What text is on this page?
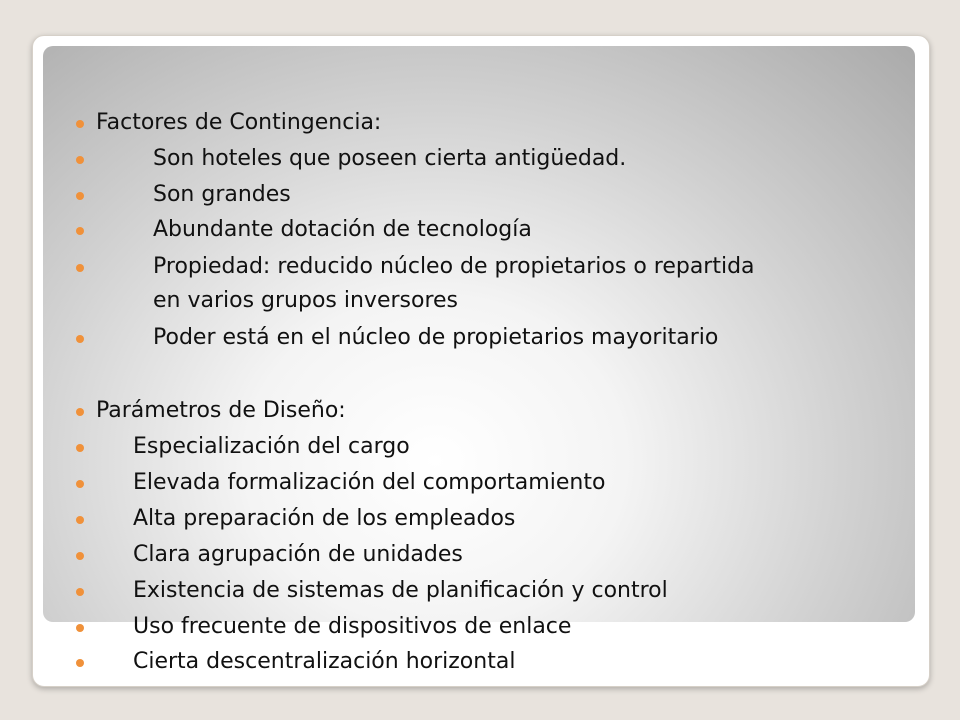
Factores de Contingencia:
Son hoteles que poseen cierta antigüedad.
Son grandes
Abundante dotación de tecnología
Propiedad: reducido núcleo de propietarios o repartida
en varios grupos inversores
Poder está en el núcleo de propietarios mayoritario
Parámetros de Diseño:
Especialización del cargo
Elevada formalización del comportamiento
Alta preparación de los empleados
Clara agrupación de unidades
Existencia de sistemas de planificación y control
Uso frecuente de dispositivos de enlace
Cierta descentralización horizontal
